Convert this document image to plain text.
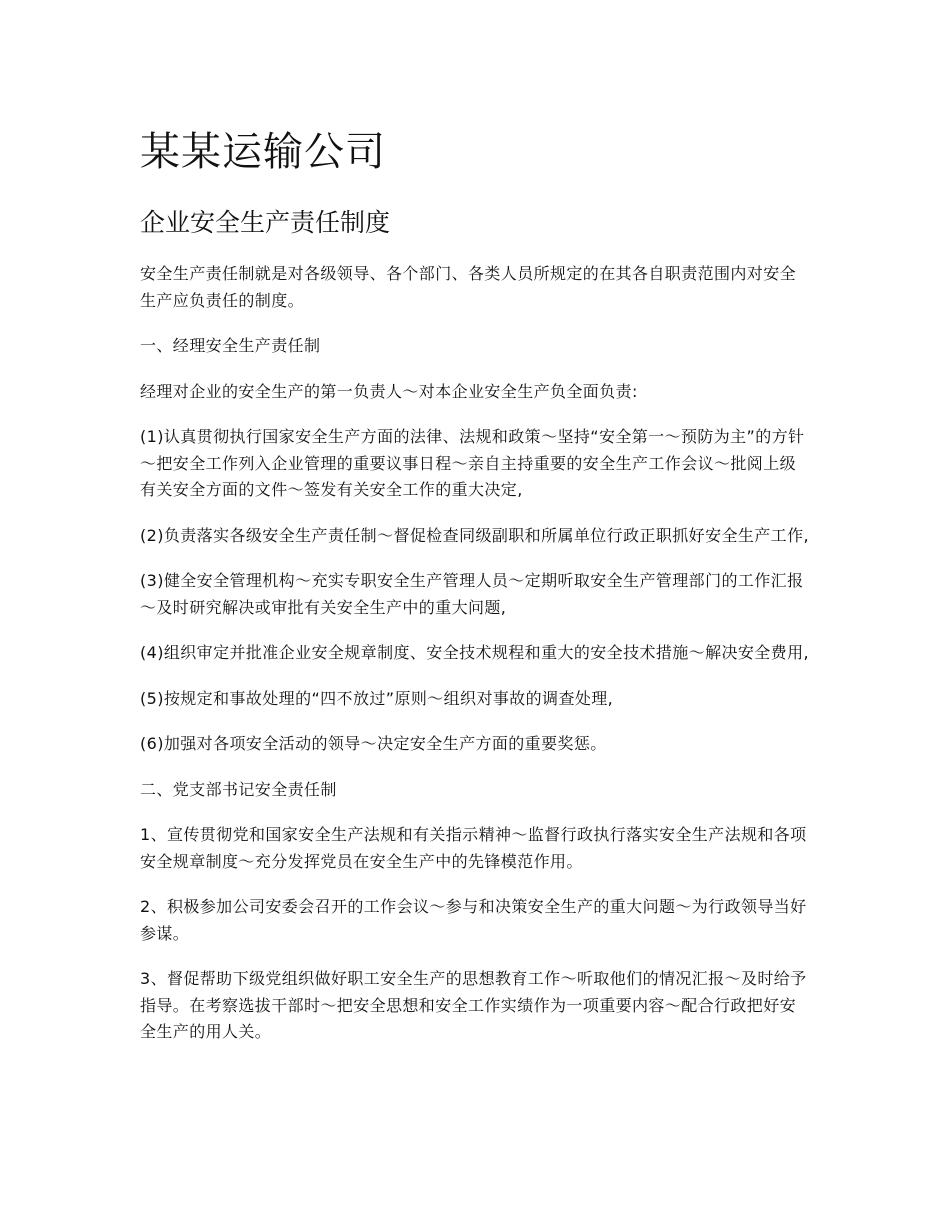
某某运输公司
企业安全生产责任制度

安全生产责任制就是对各级领导、各个部门、各类人员所规定的在其各自职责范围内对安全生产应负责任的制度。

一、经理安全生产责任制

经理对企业的安全生产的第一负责人～对本企业安全生产负全面负责:

(1)认真贯彻执行国家安全生产方面的法律、法规和政策～坚持“安全第一～预防为主”的方针～把安全工作列入企业管理的重要议事日程～亲自主持重要的安全生产工作会议～批阅上级有关安全方面的文件～签发有关安全工作的重大决定,

(2)负责落实各级安全生产责任制～督促检查同级副职和所属单位行政正职抓好安全生产工作,

(3)健全安全管理机构～充实专职安全生产管理人员～定期听取安全生产管理部门的工作汇报～及时研究解决或审批有关安全生产中的重大问题,

(4)组织审定并批准企业安全规章制度、安全技术规程和重大的安全技术措施～解决安全费用,

(5)按规定和事故处理的“四不放过”原则～组织对事故的调查处理,

(6)加强对各项安全活动的领导～决定安全生产方面的重要奖惩。

二、党支部书记安全责任制

1、宣传贯彻党和国家安全生产法规和有关指示精神～监督行政执行落实安全生产法规和各项安全规章制度～充分发挥党员在安全生产中的先锋模范作用。

2、积极参加公司安委会召开的工作会议～参与和决策安全生产的重大问题～为行政领导当好参谋。

3、督促帮助下级党组织做好职工安全生产的思想教育工作～听取他们的情况汇报～及时给予指导。在考察选拔干部时～把安全思想和安全工作实绩作为一项重要内容～配合行政把好安全生产的用人关。
